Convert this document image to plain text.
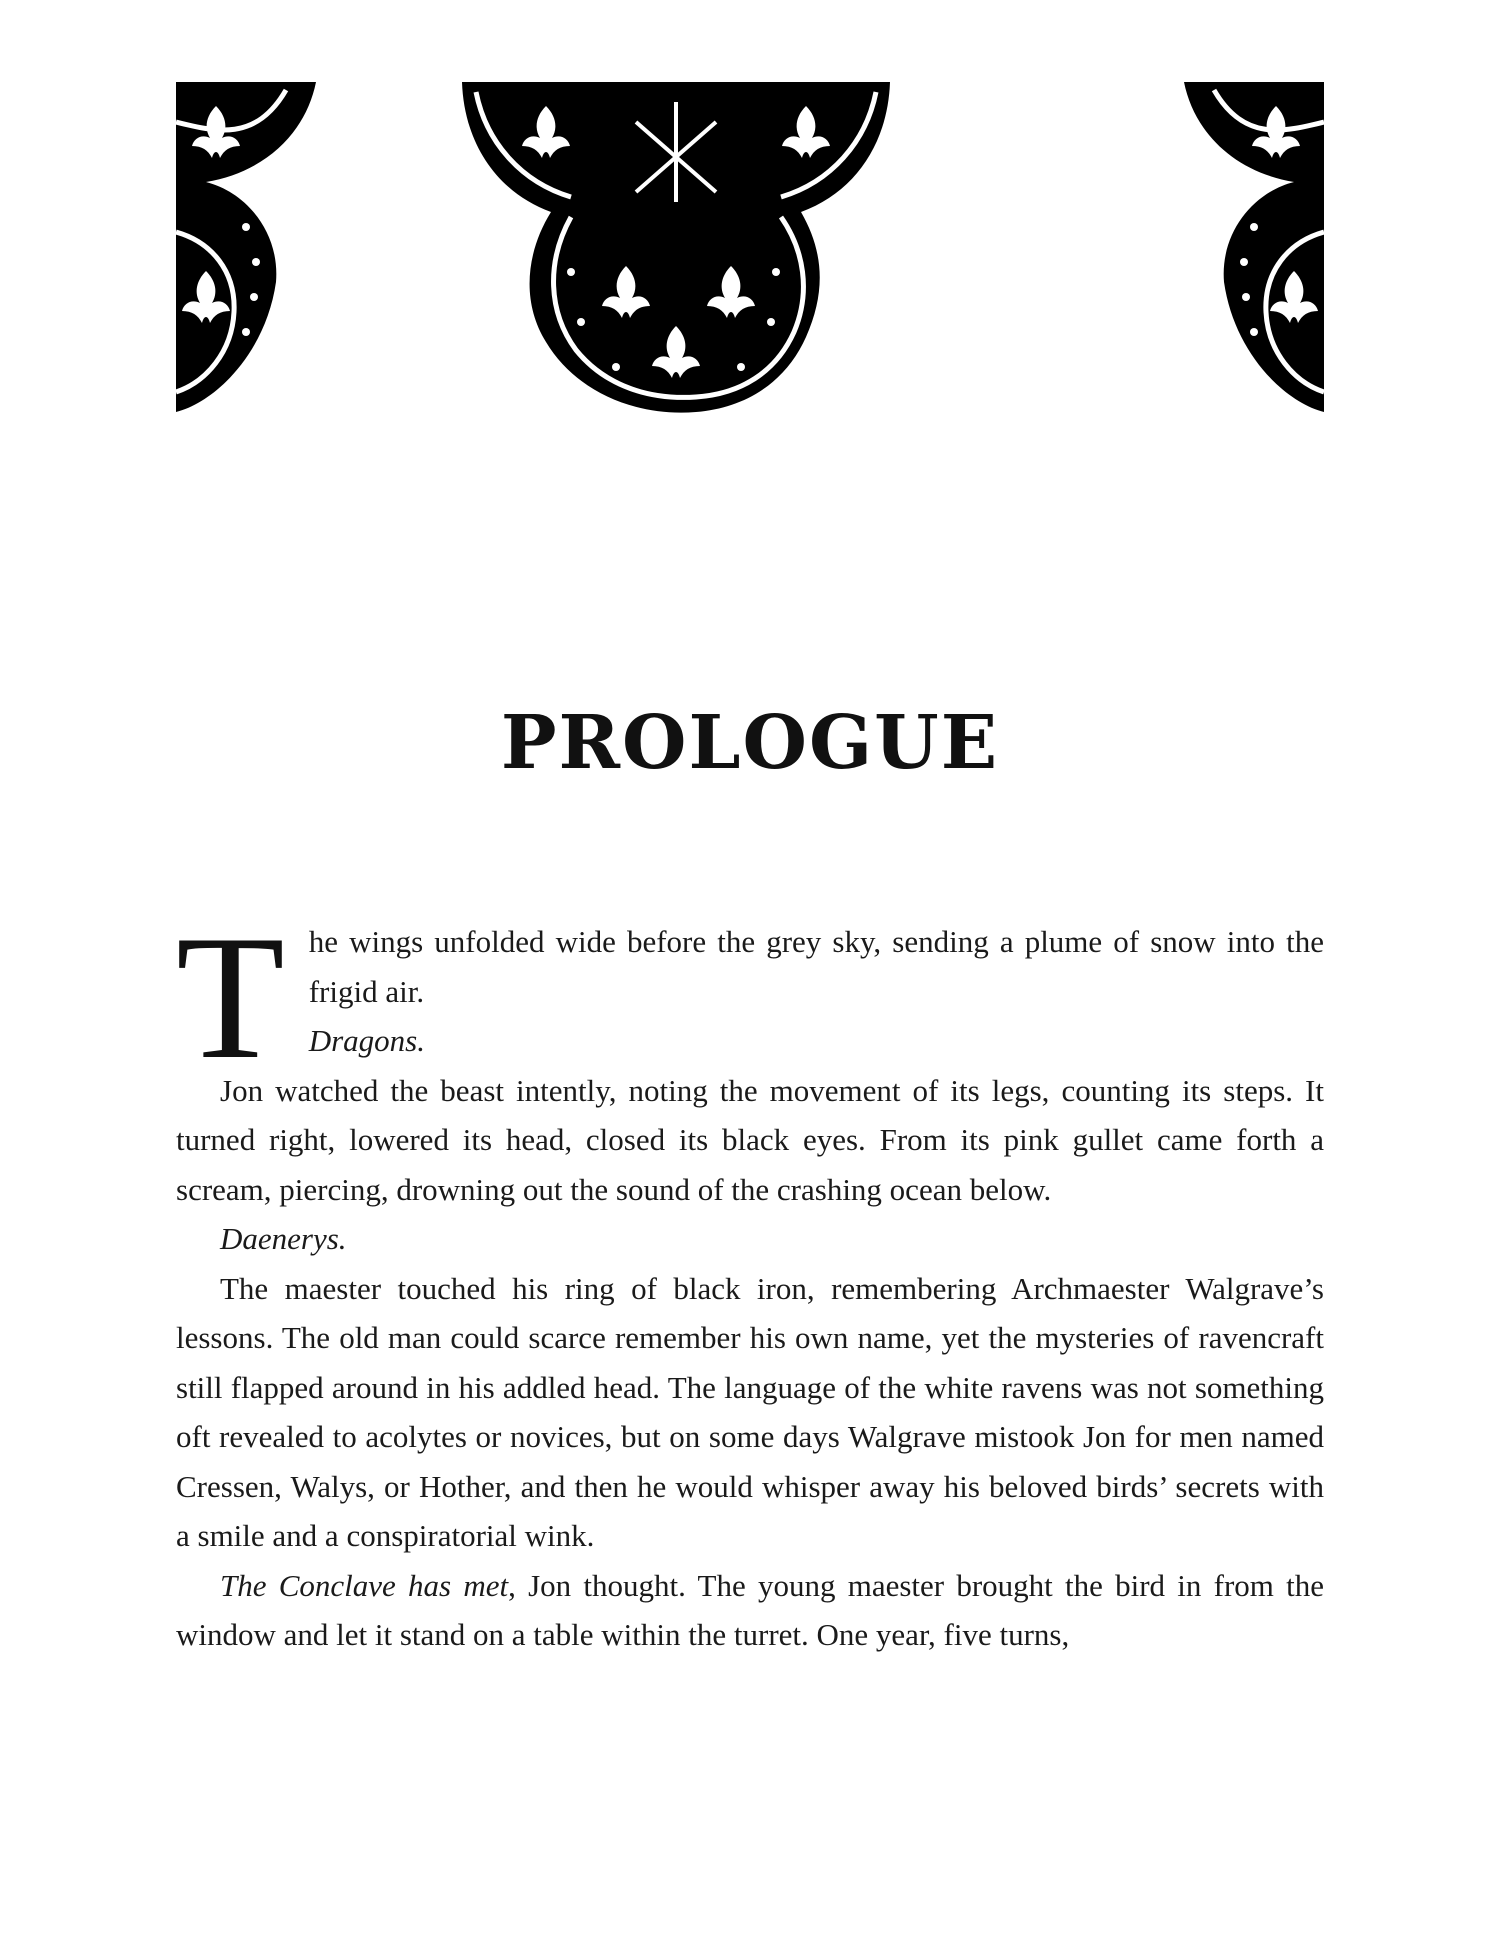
PROLOGUE

The wings unfolded wide before the grey sky, sending a plume of snow into the frigid air.
Dragons.

Jon watched the beast intently, noting the movement of its legs, counting its steps. It turned right, lowered its head, closed its black eyes. From its pink gullet came forth a scream, piercing, drowning out the sound of the crashing ocean below.

Daenerys.

The maester touched his ring of black iron, remembering Archmaester Walgrave’s lessons. The old man could scarce remember his own name, yet the mysteries of ravencraft still flapped around in his addled head. The language of the white ravens was not something oft revealed to acolytes or novices, but on some days Walgrave mistook Jon for men named Cressen, Walys, or Hother, and then he would whisper away his beloved birds’ secrets with a smile and a conspiratorial wink.

The Conclave has met, Jon thought. The young maester brought the bird in from the window and let it stand on a table within the turret. One year, five turns,
